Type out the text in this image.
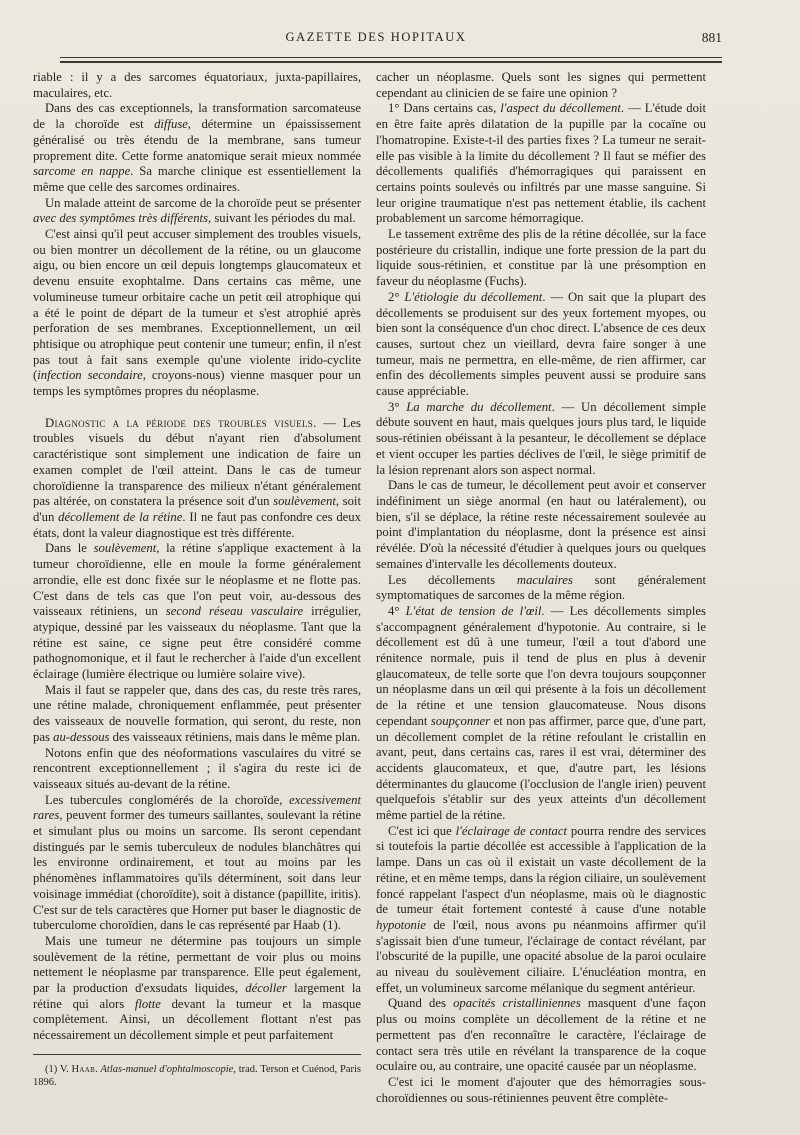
GAZETTE DES HOPITAUX	881

riable : il y a des sarcomes équatoriaux, juxta-papillaires, maculaires, etc.

Dans des cas exceptionnels, la transformation sarcomateuse de la choroïde est diffuse, détermine un épaississement généralisé ou très étendu de la membrane, sans tumeur proprement dite. Cette forme anatomique serait mieux nommée sarcome en nappe. Sa marche clinique est essentiellement la même que celle des sarcomes ordinaires.

Un malade atteint de sarcome de la choroïde peut se présenter avec des symptômes très différents, suivant les périodes du mal.

C'est ainsi qu'il peut accuser simplement des troubles visuels, ou bien montrer un décollement de la rétine, ou un glaucome aigu, ou bien encore un œil depuis longtemps glaucomateux et devenu ensuite exophtalme. Dans certains cas même, une volumineuse tumeur orbitaire cache un petit œil atrophique qui a été le point de départ de la tumeur et s'est atrophié après perforation de ses membranes. Exceptionnellement, un œil phtisique ou atrophique peut contenir une tumeur; enfin, il n'est pas tout à fait sans exemple qu'une violente irido-cyclite (infection secondaire, croyons-nous) vienne masquer pour un temps les symptômes propres du néoplasme.

Diagnostic a la période des troubles visuels. — Les troubles visuels du début n'ayant rien d'absolument caractéristique sont simplement une indication de faire un examen complet de l'œil atteint. Dans le cas de tumeur choroïdienne la transparence des milieux n'étant généralement pas altérée, on constatera la présence soit d'un soulèvement, soit d'un décollement de la rétine. Il ne faut pas confondre ces deux états, dont la valeur diagnostique est très différente.

Dans le soulèvement, la rétine s'applique exactement à la tumeur choroïdienne, elle en moule la forme généralement arrondie, elle est donc fixée sur le néoplasme et ne flotte pas. C'est dans de tels cas que l'on peut voir, au-dessous des vaisseaux rétiniens, un second réseau vasculaire irrégulier, atypique, dessiné par les vaisseaux du néoplasme. Tant que la rétine est saine, ce signe peut être considéré comme pathognomonique, et il faut le rechercher à l'aide d'un excellent éclairage (lumière électrique ou lumière solaire vive).

Mais il faut se rappeler que, dans des cas, du reste très rares, une rétine malade, chroniquement enflammée, peut présenter des vaisseaux de nouvelle formation, qui seront, du reste, non pas au-dessous des vaisseaux rétiniens, mais dans le même plan.

Notons enfin que des néoformations vasculaires du vitré se rencontrent exceptionnellement ; il s'agira du reste ici de vaisseaux situés au-devant de la rétine.

Les tubercules conglomérés de la choroïde, excessivement rares, peuvent former des tumeurs saillantes, soulevant la rétine et simulant plus ou moins un sarcome. Ils seront cependant distingués par le semis tuberculeux de nodules blanchâtres qui les environne ordinairement, et tout au moins par les phénomènes inflammatoires qu'ils déterminent, soit dans leur voisinage immédiat (choroïdite), soit à distance (papillite, iritis). C'est sur de tels caractères que Horner put baser le diagnostic de tuberculome choroïdien, dans le cas représenté par Haab (1).

Mais une tumeur ne détermine pas toujours un simple soulèvement de la rétine, permettant de voir plus ou moins nettement le néoplasme par transparence. Elle peut également, par la production d'exsudats liquides, décoller largement la rétine qui alors flotte devant la tumeur et la masque complètement. Ainsi, un décollement flottant n'est pas nécessairement un décollement simple et peut parfaitement

(1) V. Haab. Atlas-manuel d'ophtalmoscopie, trad. Terson et Cuénod, Paris 1896.

cacher un néoplasme. Quels sont les signes qui permettent cependant au clinicien de se faire une opinion ?

1° Dans certains cas, l'aspect du décollement. — L'étude doit en être faite après dilatation de la pupille par la cocaïne ou l'homatropine. Existe-t-il des parties fixes ? La tumeur ne serait-elle pas visible à la limite du décollement ? Il faut se méfier des décollements qualifiés d'hémorragiques qui paraissent en certains points soulevés ou infiltrés par une masse sanguine. Si leur origine traumatique n'est pas nettement établie, ils cachent probablement un sarcome hémorragique.

Le tassement extrême des plis de la rétine décollée, sur la face postérieure du cristallin, indique une forte pression de la part du liquide sous-rétinien, et constitue par là une présomption en faveur du néoplasme (Fuchs).

2° L'étiologie du décollement. — On sait que la plupart des décollements se produisent sur des yeux fortement myopes, ou bien sont la conséquence d'un choc direct. L'absence de ces deux causes, surtout chez un vieillard, devra faire songer à une tumeur, mais ne permettra, en elle-même, de rien affirmer, car enfin des décollements simples peuvent aussi se produire sans cause appréciable.

3° La marche du décollement. — Un décollement simple débute souvent en haut, mais quelques jours plus tard, le liquide sous-rétinien obéissant à la pesanteur, le décollement se déplace et vient occuper les parties déclives de l'œil, le siège primitif de la lésion reprenant alors son aspect normal.

Dans le cas de tumeur, le décollement peut avoir et conserver indéfiniment un siège anormal (en haut ou latéralement), ou bien, s'il se déplace, la rétine reste nécessairement soulevée au point d'implantation du néoplasme, dont la présence est ainsi révélée. D'où la nécessité d'étudier à quelques jours ou quelques semaines d'intervalle les décollements douteux.

Les décollements maculaires sont généralement symptomatiques de sarcomes de la même région.

4° L'état de tension de l'œil. — Les décollements simples s'accompagnent généralement d'hypotonie. Au contraire, si le décollement est dû à une tumeur, l'œil a tout d'abord une rénitence normale, puis il tend de plus en plus à devenir glaucomateux, de telle sorte que l'on devra toujours soupçonner un néoplasme dans un œil qui présente à la fois un décollement de la rétine et une tension glaucomateuse. Nous disons cependant soupçonner et non pas affirmer, parce que, d'une part, un décollement complet de la rétine refoulant le cristallin en avant, peut, dans certains cas, rares il est vrai, déterminer des accidents glaucomateux, et que, d'autre part, les lésions déterminantes du glaucome (l'occlusion de l'angle irien) peuvent quelquefois s'établir sur des yeux atteints d'un décollement même partiel de la rétine.

C'est ici que l'éclairage de contact pourra rendre des services si toutefois la partie décollée est accessible à l'application de la lampe. Dans un cas où il existait un vaste décollement de la rétine, et en même temps, dans la région ciliaire, un soulèvement foncé rappelant l'aspect d'un néoplasme, mais où le diagnostic de tumeur était fortement contesté à cause d'une notable hypotonie de l'œil, nous avons pu néanmoins affirmer qu'il s'agissait bien d'une tumeur, l'éclairage de contact révélant, par l'obscurité de la pupille, une opacité absolue de la paroi oculaire au niveau du soulèvement ciliaire. L'énucléation montra, en effet, un volumineux sarcome mélanique du segment antérieur.

Quand des opacités cristalliniennes masquent d'une façon plus ou moins complète un décollement de la rétine et ne permettent pas d'en reconnaître le caractère, l'éclairage de contact sera très utile en révélant la transparence de la coque oculaire ou, au contraire, une opacité causée par un néoplasme.

C'est ici le moment d'ajouter que des hémorragies sous-choroïdiennes ou sous-rétiniennes peuvent être complète-
